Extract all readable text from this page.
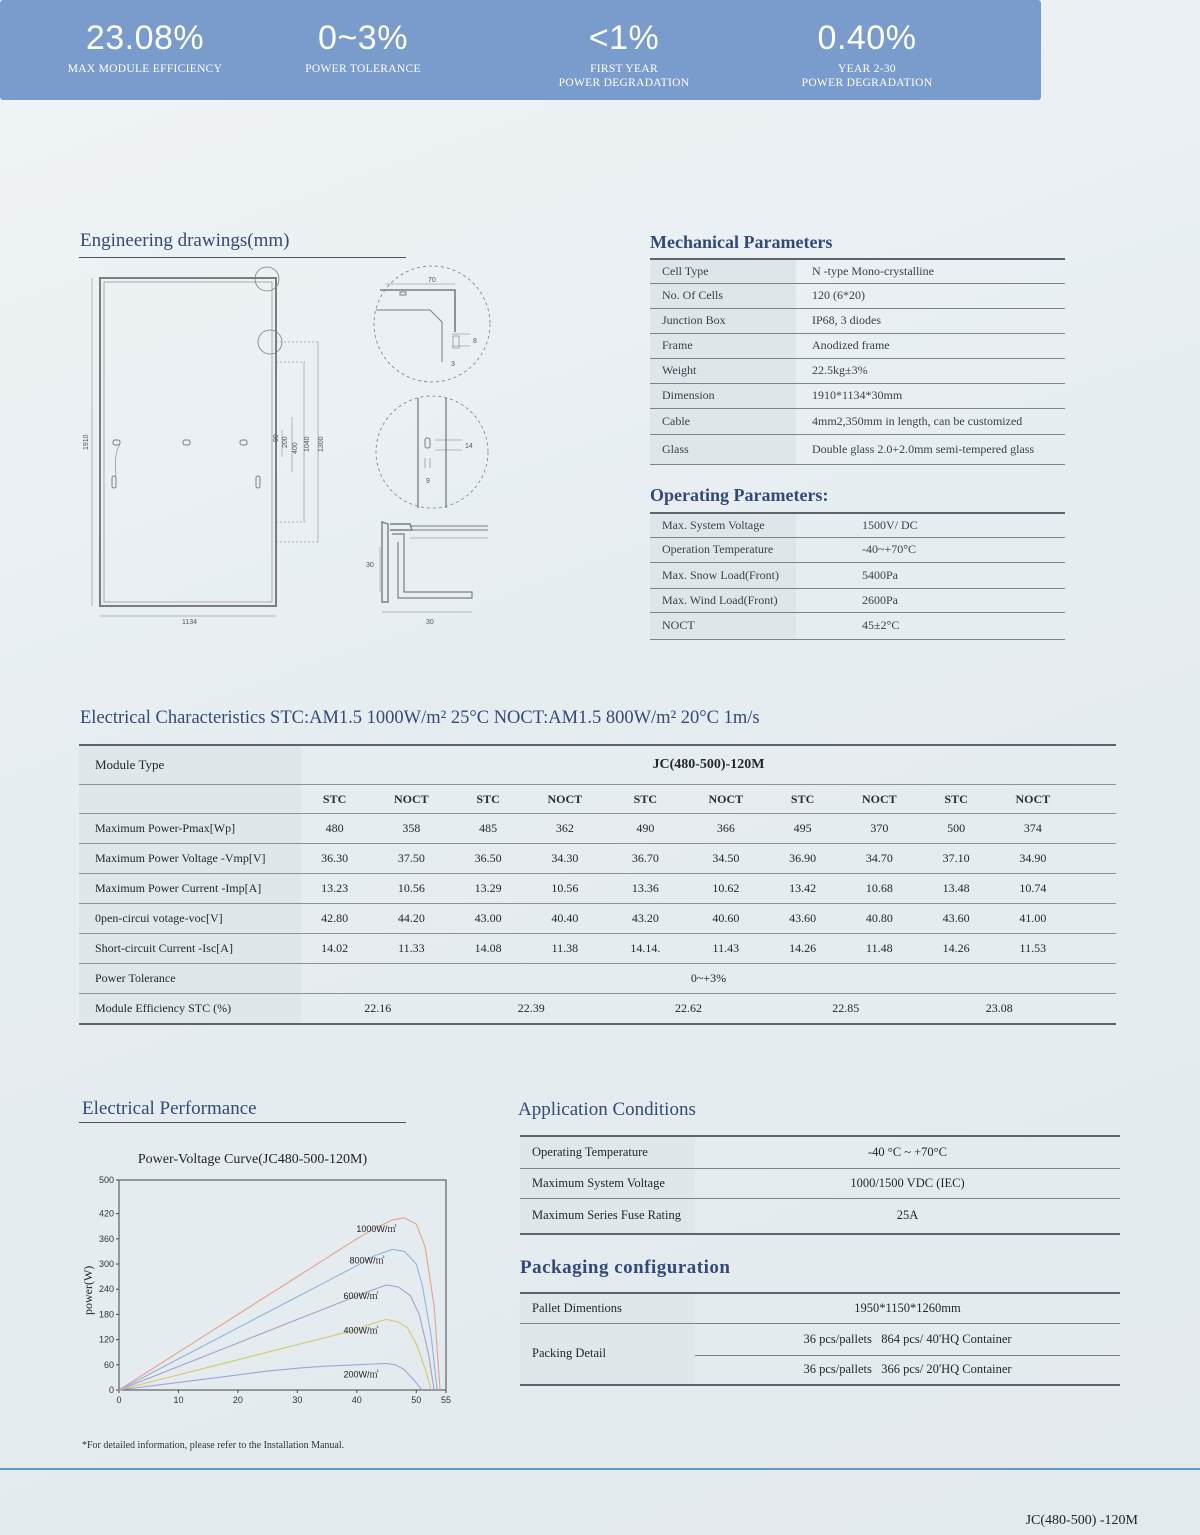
23.08%
MAX MODULE EFFICIENCY
0~3%
POWER TOLERANCE
<1%
FIRST YEAR
POWER DEGRADATION
0.40%
YEAR 2-30
POWER DEGRADATION
Engineering drawings(mm)
1910
1134
1300
1040
400
200
90
70
8
3
14
9
30
30
Mechanical Parameters
Cell Type	N -type Mono-crystalline
No. Of Cells	120 (6*20)
Junction Box	IP68, 3 diodes
Frame	Anodized frame
Weight	22.5kg±3%
Dimension	1910*1134*30mm
Cable	4mm2,350mm in length, can be customized
Glass	Double glass 2.0+2.0mm semi-tempered glass
Operating Parameters:
Max. System Voltage	1500V/ DC
Operation Temperature	-40~+70°C
Max. Snow Load(Front)	5400Pa
Max. Wind Load(Front)	2600Pa
NOCT	45±2°C
Electrical Characteristics STC:AM1.5 1000W/m² 25°C NOCT:AM1.5 800W/m² 20°C 1m/s
Module Type	JC(480-500)-120M										
	STC	NOCT	STC	NOCT	STC	NOCT	STC	NOCT	STC	NOCT	
Maximum Power-Pmax[Wp]	480	358	485	362	490	366	495	370	500	374	
Maximum Power Voltage -Vmp[V]	36.30	37.50	36.50	34.30	36.70	34.50	36.90	34.70	37.10	34.90	
Maximum Power Current -Imp[A]	13.23	10.56	13.29	10.56	13.36	10.62	13.42	10.68	13.48	10.74	
0pen-circui votage-voc[V]	42.80	44.20	43.00	40.40	43.20	40.60	43.60	40.80	43.60	41.00	
Short-circuit Current -Isc[A]	14.02	11.33	14.08	11.38	14.14.	11.43	14.26	11.48	14.26	11.53	
Power Tolerance	0~+3%										
Module Efficiency STC (%)	22.16		22.39		22.62		22.85		23.08		
Electrical Performance
Power-Voltage Curve(JC480-500-120M)
power(W)
0
60
120
180
240
300
360
420
500
0	10	20	30	40	50 55
1000W/㎡
800W/㎡
600W/㎡
400W/㎡
200W/㎡
*For detailed information, please refer to the Installation Manual.
Application Conditions
Operating Temperature	-40 °C ~ +70°C
Maximum System Voltage	1000/1500 VDC (IEC)
Maximum Series Fuse Rating	25A
Packaging configuration
Pallet Dimentions	1950*1150*1260mm
Packing Detail	36 pcs/pallets   864 pcs/ 40'HQ Container
	36 pcs/pallets   366 pcs/ 20'HQ Container
JC(480-500) -120M
